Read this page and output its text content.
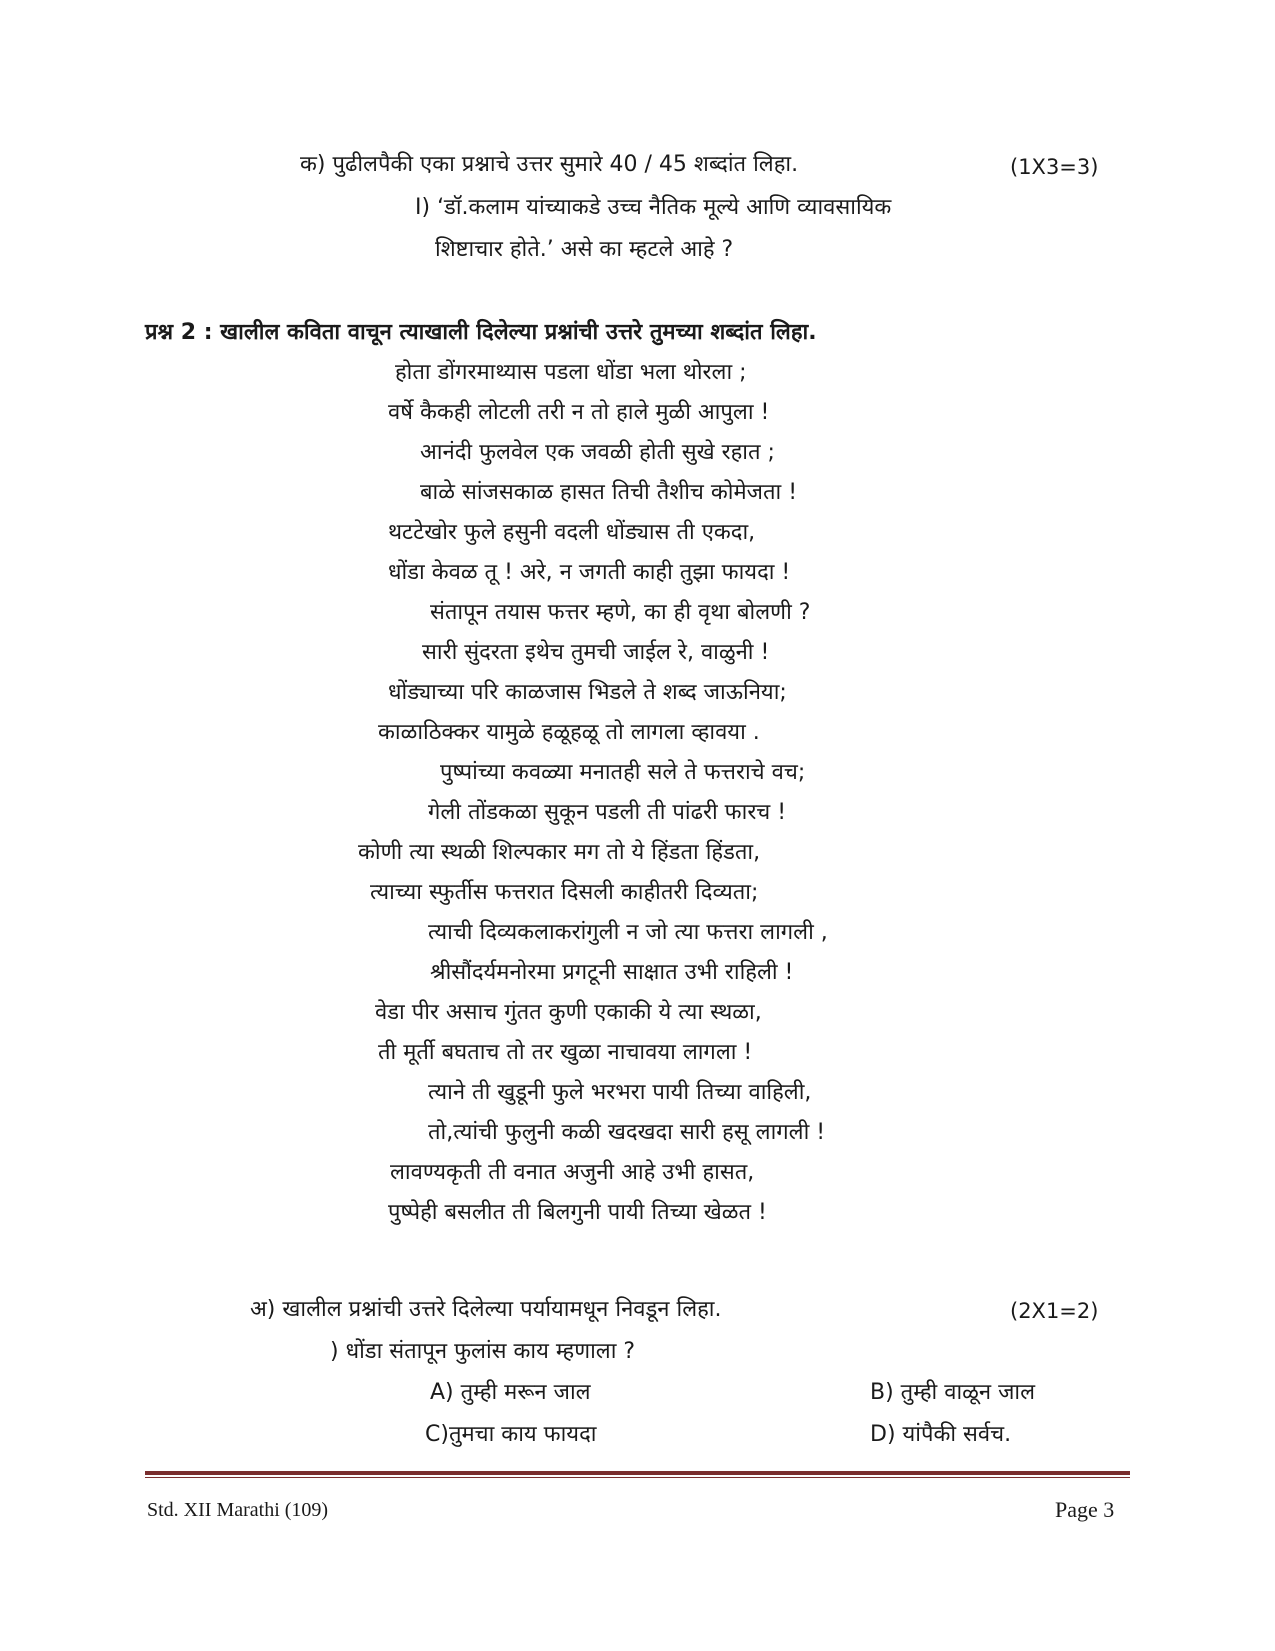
क) पुढीलपैकी एका प्रश्नाचे उत्तर सुमारे 40 / 45 शब्दांत लिहा.	(1X3=3)
I) ‘डॉ.कलाम यांच्याकडे उच्च नैतिक मूल्ये आणि व्यावसायिक
शिष्टाचार होते.’ असे का म्हटले आहे ?
प्रश्न 2 : खालील कविता वाचून त्याखाली दिलेल्या प्रश्नांची उत्तरे तुमच्या शब्दांत लिहा.
होता डोंगरमाथ्यास पडला धोंडा भला थोरला ;
वर्षे कैकही लोटली तरी न तो हाले मुळी आपुला !
आनंदी फुलवेल एक जवळी होती सुखे रहात ;
बाळे सांजसकाळ हासत तिची तैशीच कोमेजता !
थटटेखोर फुले हसुनी वदली धोंड्यास ती एकदा,
धोंडा केवळ तू ! अरे, न जगती काही तुझा फायदा !
संतापून तयास फत्तर म्हणे, का ही वृथा बोलणी ?
सारी सुंदरता इथेच तुमची जाईल रे, वाळुनी !
धोंड्याच्या परि काळजास भिडले ते शब्द जाऊनिया;
काळाठिक्कर यामुळे हळूहळू तो लागला व्हावया .
पुष्पांच्या कवळ्या मनातही सले ते फत्तराचे वच;
गेली तोंडकळा सुकून पडली ती पांढरी फारच !
कोणी त्या स्थळी शिल्पकार मग तो ये हिंडता हिंडता,
त्याच्या स्फुर्तीस फत्तरात दिसली काहीतरी दिव्यता;
त्याची दिव्यकलाकरांगुली न जो त्या फत्तरा लागली ,
श्रीसौंदर्यमनोरमा प्रगटूनी साक्षात उभी राहिली !
वेडा पीर असाच गुंतत कुणी एकाकी ये त्या स्थळा,
ती मूर्ती बघताच तो तर खुळा नाचावया लागला !
त्याने ती खुडूनी फुले भरभरा पायी तिच्या वाहिली,
तो,त्यांची फुलुनी कळी खदखदा सारी हसू लागली !
लावण्यकृती ती वनात अजुनी आहे उभी हासत,
पुष्पेही बसलीत ती बिलगुनी पायी तिच्या खेळत !
अ) खालील प्रश्नांची उत्तरे दिलेल्या पर्यायामधून निवडून लिहा.	(2X1=2)
) धोंडा संतापून फुलांस काय म्हणाला ?
A) तुम्ही मरून जाल	B) तुम्ही वाळून जाल
C)तुमचा काय फायदा	D) यांपैकी सर्वच.
Std. XII Marathi (109)	Page 3
